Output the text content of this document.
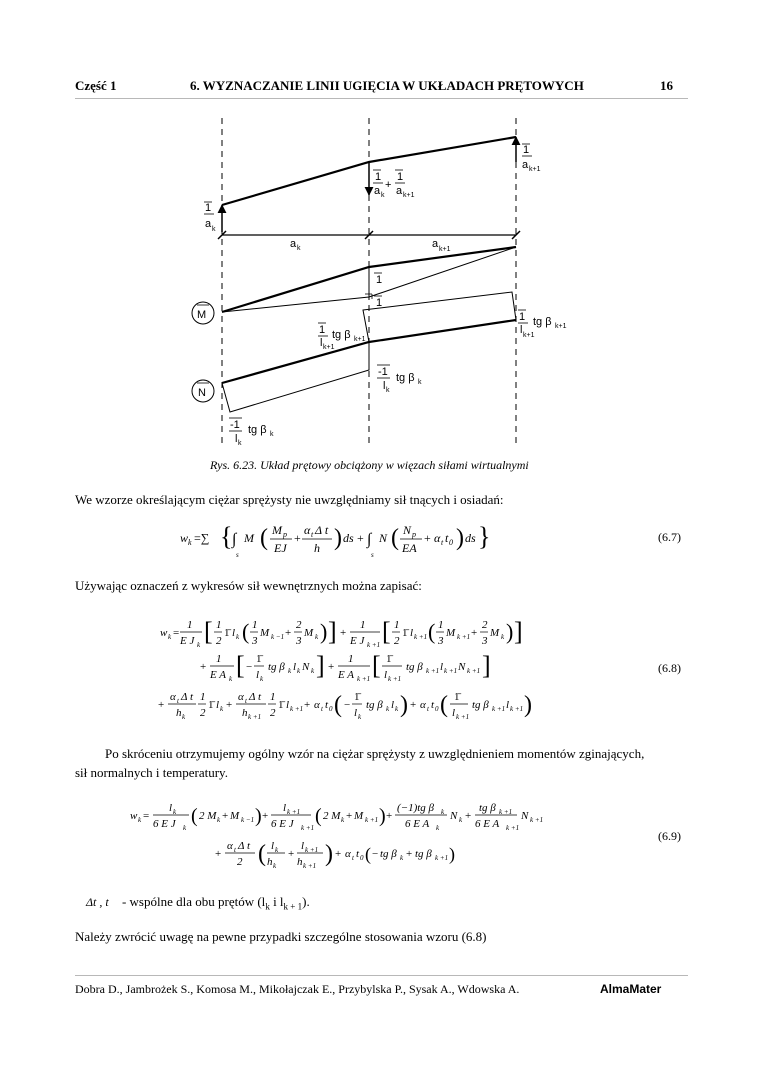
Część 1	6. WYZNACZANIE LINII UGIĘCIA W UKŁADACH PRĘTOWYCH	16
1
a k
1
a k
+
1
a k+1
1
a k+1
a k	a k+1
1
1
M
N
1
l k+1
tg β k+1
1
l k+1
tg β k+1
-1
l k
tg β k
-1
l k
tg β k
Rys. 6.23. Układ prętowy obciążony w więzach siłami wirtualnymi
We wzorze określającym ciężar sprężysty nie uwzględniamy sił tnących i osiadań:
w k =∑ { ∫
s
M ( M p
EJ
+
α t Δ t
h ) ds + ∫
s
N ( N p
EA
+ α t t 0 ) ds }	(6.7)
Używając oznaczeń z wykresów sił wewnętrznych można zapisać:
w k =
1
E J k [ 1
2
1̄ l k ( 1
3
M k −1 +
2
3
M k ) ] +
1
E J k +1 [ 1
2
1̄ l k +1 ( 1
3
M k +1 +
2
3
M k ) ]
+
1
E A k [ −
1̄
l k
tg β k l k N k ] +
1
E A k +1 [ 1̄
l k +1
tg β k +1 l k +1 N k +1 ]
+
α t Δ t
h k
1
2
1̄ l k +
α t Δ t
h k +1
1
2
1̄ l k +1 + α t t 0 ( −
1̄
l k
tg β k l k ) + α t t 0 ( 1̄
l k +1
tg β k +1 l k +1 )
(6.8)
Po skróceniu otrzymujemy ogólny wzór na ciężar sprężysty z uwzględnieniem momentów zginających,
sił normalnych i temperatury.
w k =
l k
6 E J k
( 2 M k + M k −1 ) +
l k +1
6 E J k +1
( 2 M k + M k +1 ) +
(−1)tg β k
6 E A k
N k +
tg β k +1
6 E A k +1
N k +1
+
α t Δ t
2 ( l k
h k
+
l k +1
h k +1 ) + α t t 0 ( − tg β k + tg β k +1 )
(6.9)
Δt , t - wspólne dla obu prętów ($l_k$ i $l_{k + 1}$).
Należy zwrócić uwagę na pewne przypadki szczególne stosowania wzoru (6.8)
Dobra D., Jambrożek S., Komosa M., Mikołajczak E., Przybylska P., Sysak A., Wdowska A.	AlmaMater
